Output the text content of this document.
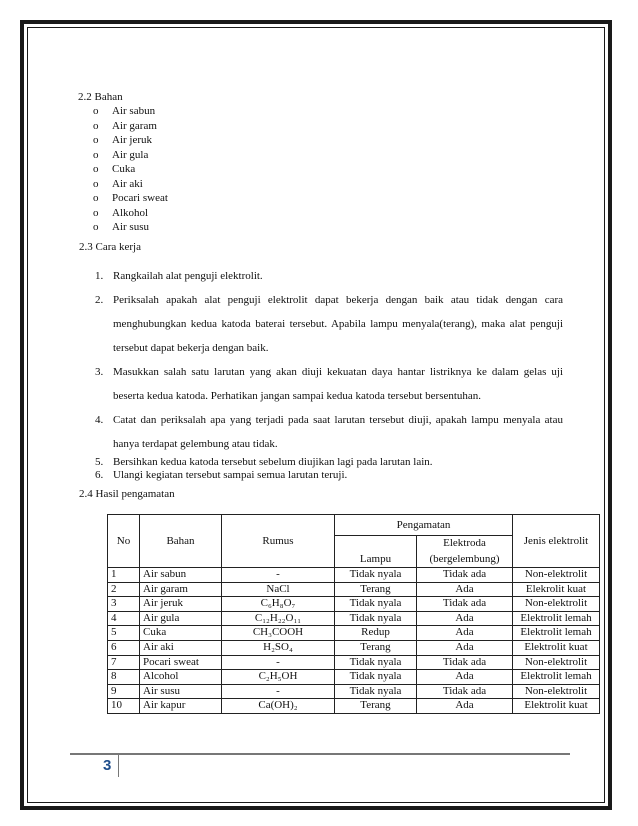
2.2 Bahan
o Air sabun
o Air garam
o Air jeruk
o Air gula
o Cuka
o Air aki
o Pocari sweat
o Alkohol
o Air susu
2.3 Cara kerja
1. Rangkailah alat penguji elektrolit.
2. Periksalah apakah alat penguji elektrolit dapat bekerja dengan baik atau tidak dengan cara menghubungkan kedua katoda baterai tersebut. Apabila lampu menyala(terang), maka alat penguji tersebut dapat bekerja dengan baik.
3. Masukkan salah satu larutan yang akan diuji kekuatan daya hantar listriknya ke dalam gelas uji beserta kedua katoda. Perhatikan jangan sampai kedua katoda tersebut bersentuhan.
4. Catat dan periksalah apa yang terjadi pada saat larutan tersebut diuji, apakah lampu menyala atau hanya terdapat gelembung atau tidak.
5. Bersihkan kedua katoda tersebut sebelum diujikan lagi pada larutan lain.
6. Ulangi kegiatan tersebut sampai semua larutan teruji.
2.4 Hasil pengamatan
No	Bahan	Rumus	Pengamatan		Jenis elektrolit
			Lampu	Elektroda	
				(bergelembung)	
1	Air sabun	-	Tidak nyala	Tidak ada	Non-elektrolit
2	Air garam	NaCl	Terang	Ada	Elekrolit kuat
3	Air jeruk	C₆H₈O₇	Tidak nyala	Tidak ada	Non-elektrolit
4	Air gula	C₁₂H₂₂O₁₁	Tidak nyala	Ada	Elektrolit lemah
5	Cuka	CH₃COOH	Redup	Ada	Elektrolit lemah
6	Air aki	H₂SO₄	Terang	Ada	Elektrolit kuat
7	Pocari sweat	-	Tidak nyala	Tidak ada	Non-elektrolit
8	Alcohol	C₂H₅OH	Tidak nyala	Ada	Elektrolit lemah
9	Air susu	-	Tidak nyala	Tidak ada	Non-elektrolit
10	Air kapur	Ca(OH)₂	Terang	Ada	Elektrolit kuat
3
